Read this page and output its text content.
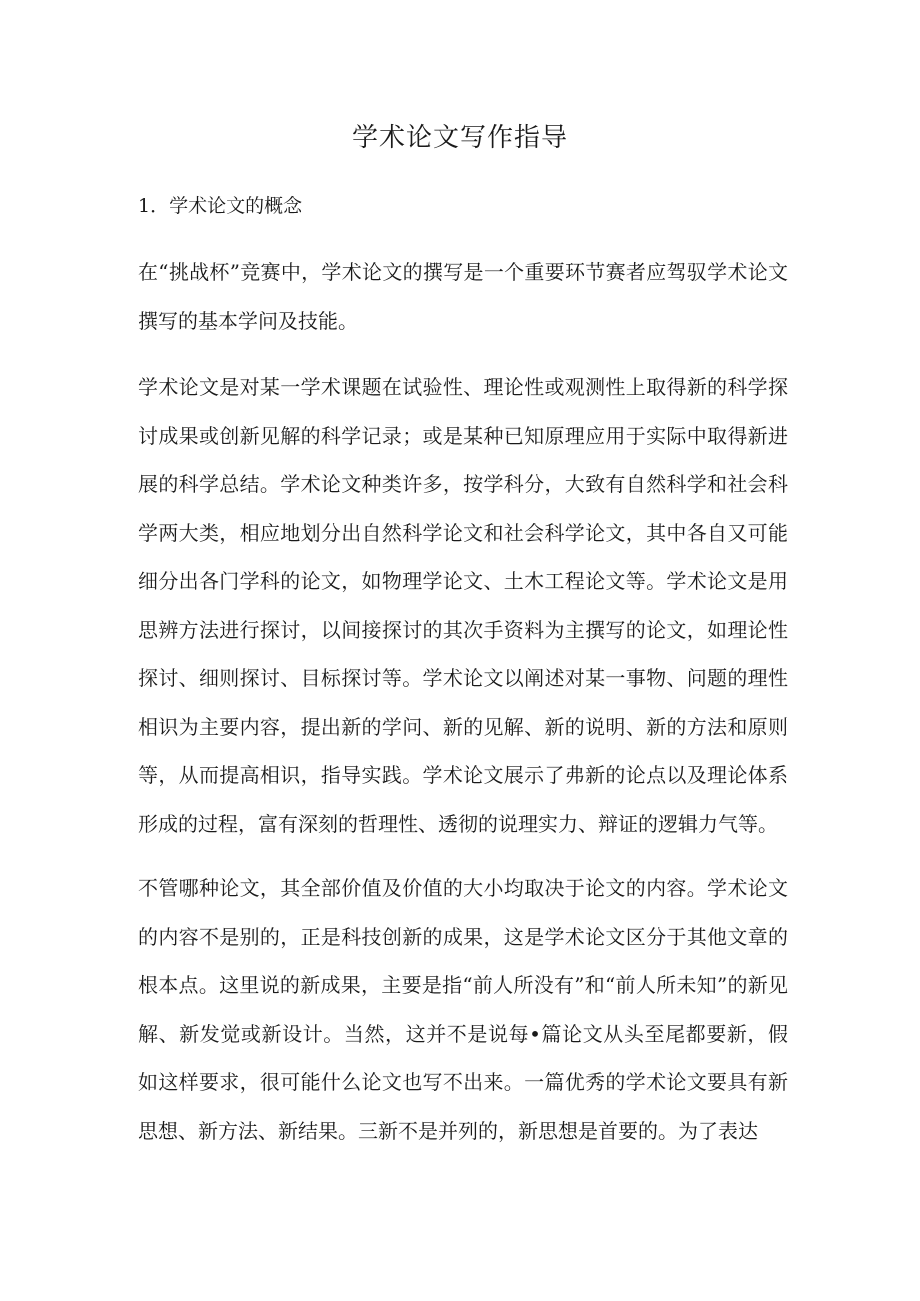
学术论文写作指导
1．学术论文的概念

在“挑战杯”竞赛中，学术论文的撰写是一个重要环节赛者应驾驭学术论文撰写的基本学问及技能。

学术论文是对某一学术课题在试验性、理论性或观测性上取得新的科学探讨成果或创新见解的科学记录；或是某种已知原理应用于实际中取得新进展的科学总结。学术论文种类许多，按学科分，大致有自然科学和社会科学两大类，相应地划分出自然科学论文和社会科学论文，其中各自又可能细分出各门学科的论文，如物理学论文、土木工程论文等。学术论文是用思辨方法进行探讨，以间接探讨的其次手资料为主撰写的论文，如理论性探讨、细则探讨、目标探讨等。学术论文以阐述对某一事物、问题的理性相识为主要内容，提出新的学问、新的见解、新的说明、新的方法和原则等，从而提高相识，指导实践。学术论文展示了弗新的论点以及理论体系形成的过程，富有深刻的哲理性、透彻的说理实力、辩证的逻辑力气等。

不管哪种论文，其全部价值及价值的大小均取决于论文的内容。学术论文的内容不是别的，正是科技创新的成果，这是学术论文区分于其他文章的根本点。这里说的新成果，主要是指“前人所没有”和“前人所未知”的新见解、新发觉或新设计。当然，这并不是说每•篇论文从头至尾都要新，假如这样要求，很可能什么论文也写不出来。一篇优秀的学术论文要具有新思想、新方法、新结果。三新不是并列的，新思想是首要的。为了表达
